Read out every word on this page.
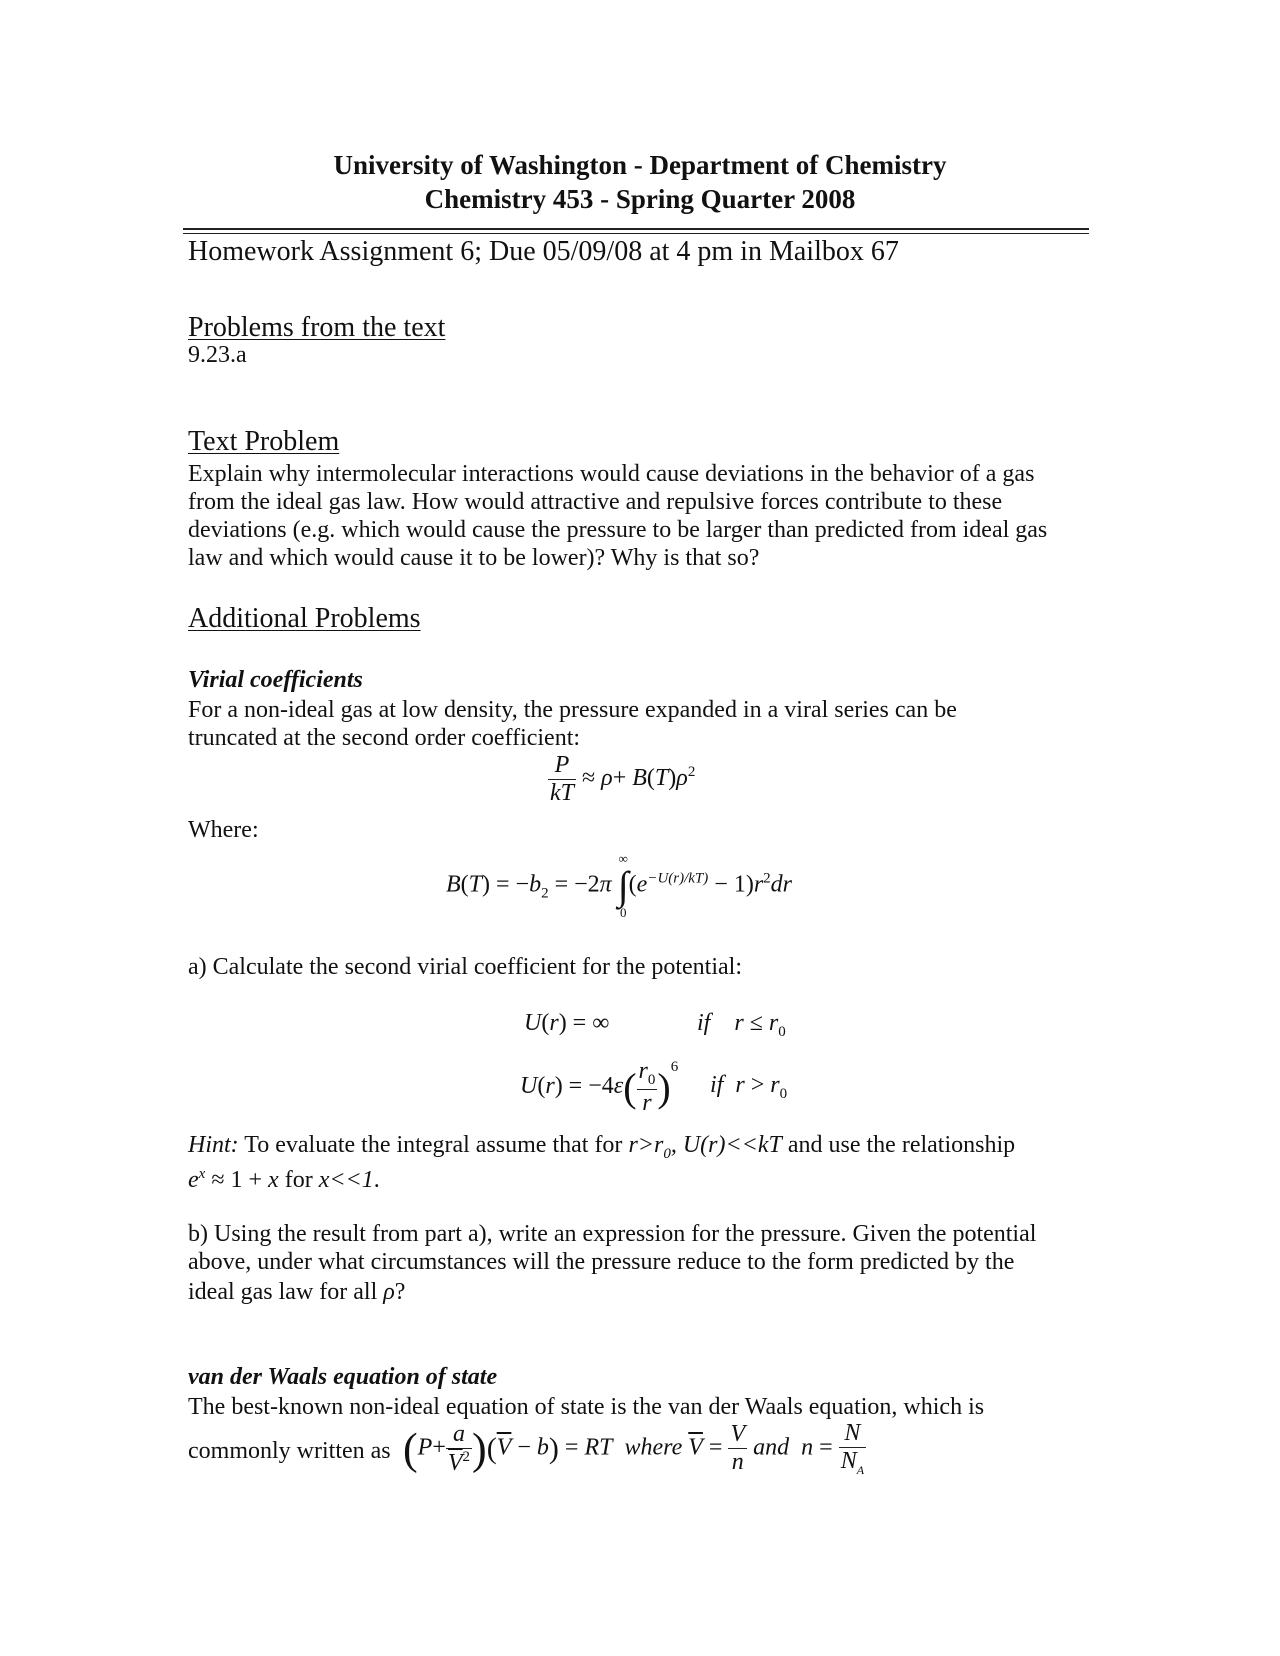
University of Washington - Department of Chemistry
Chemistry 453 - Spring Quarter 2008
Homework Assignment 6; Due 05/09/08 at 4 pm in Mailbox 67
Problems from the text
9.23.a
Text Problem
Explain why intermolecular interactions would cause deviations in the behavior of a gas
from the ideal gas law. How would attractive and repulsive forces contribute to these
deviations (e.g. which would cause the pressure to be larger than predicted from ideal gas
law and which would cause it to be lower)? Why is that so?
Additional Problems
Virial coefficients
For a non-ideal gas at low density, the pressure expanded in a viral series can be
truncated at the second order coefficient:
$\frac{P}{kT} \approx \rho+ B(T)\rho^2$
Where:
$B(T) = -b_2 = -2\pi$
∞
∫
0
$(e^{-U(r)/kT)} - 1)r^2dr$
a) Calculate the second virial coefficient for the potential:
U(r) = ∞	if    $r \le r_0$
$U(r) = -4\varepsilon( \frac{r_0}{r} )^6$
if  $r > r_0$
Hint: To evaluate the integral assume that for $r>r_0$, U(r)<<kT and use the relationship
$e^x \approx 1 + x$ for x<<1.
b) Using the result from part a), write an expression for the pressure. Given the potential
above, under what circumstances will the pressure reduce to the form predicted by the
ideal gas law for all ρ?
van der Waals equation of state
The best-known non-ideal equation of state is the van der Waals equation, which is
commonly written as $(P+ \frac{a}{\overline{V}^2} )(\overline{V} - b)$ = RT  where $\overline{V} = \frac{V}{n}$ and  $n = \frac{N}{N_A}$
